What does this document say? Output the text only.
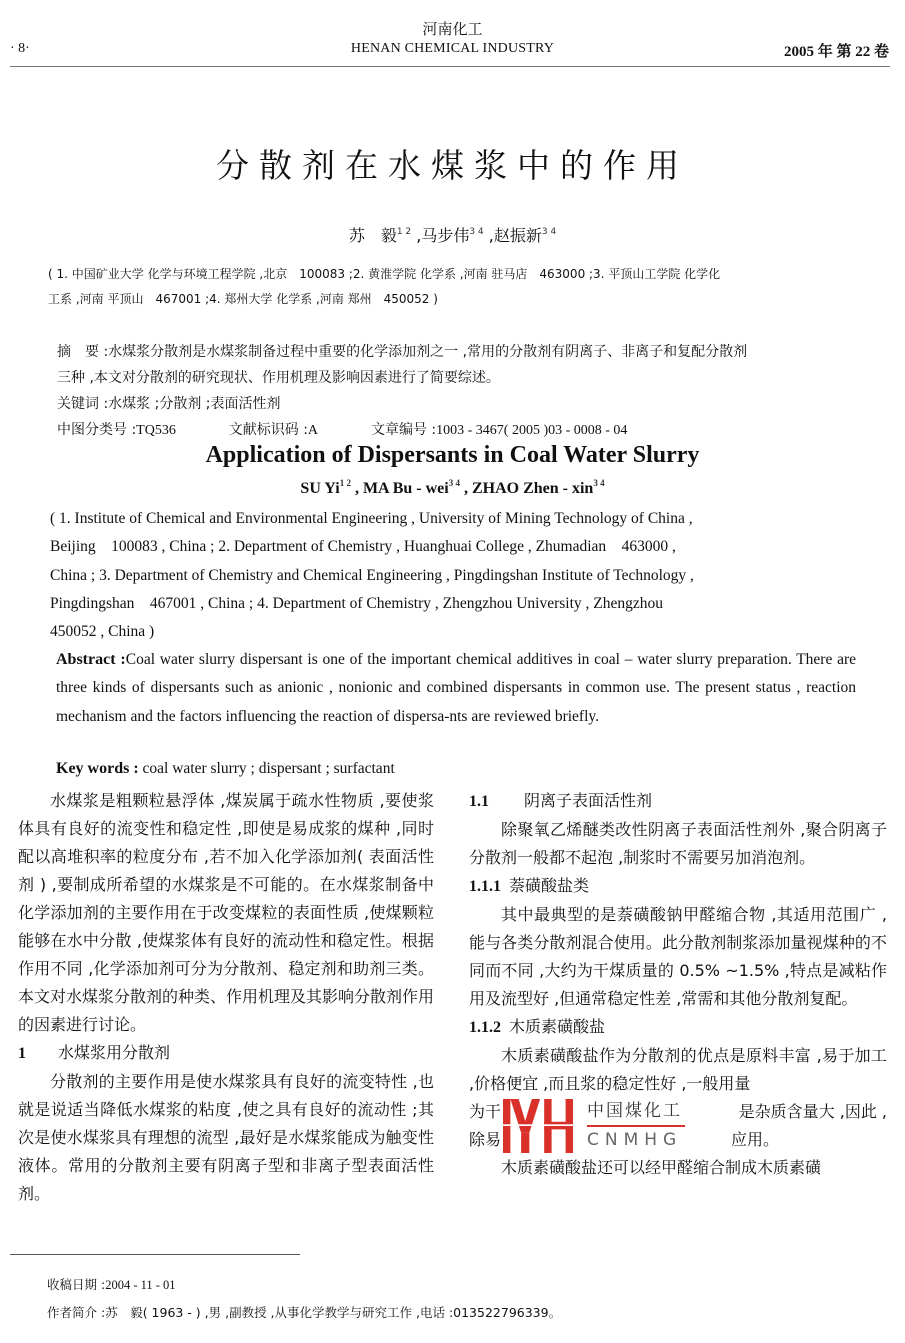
河南化工
· 8·	HENAN CHEMICAL INDUSTRY	2005 年 第 22 卷
分散剂在水煤浆中的作用
苏　毅$^{1 2}$ ,马步伟$^{3 4}$ ,赵振新$^{3 4}$
( 1. 中国矿业大学 化学与环境工程学院 ,北京　100083 ;2. 黄淮学院 化学系 ,河南 驻马店　463000 ;3. 平顶山工学院 化学化
工系 ,河南 平顶山　467001 ;4. 郑州大学 化学系 ,河南 郑州　450052 )
摘　要 :水煤浆分散剂是水煤浆制备过程中重要的化学添加剂之一 ,常用的分散剂有阴离子、非离子和复配分散剂
三种 ,本文对分散剂的研究现状、作用机理及影响因素进行了简要综述。
关键词 :水煤浆 ;分散剂 ;表面活性剂
中图分类号 :TQ536	文献标识码 :A	文章编号 :1003 - 3467( 2005 )03 - 0008 - 04
Application of Dispersants in Coal Water Slurry
SU $Yi^{1 2}$ , MA Bu - wei$^{3 4}$ , ZHAO Zhen - xin$^{3 4}$
( 1. Institute of Chemical and Environmental Engineering , University of Mining Technology of China ,
Beijing　100083 , China ; 2. Department of Chemistry , Huanghuai College , Zhumadian　463000 ,
China ; 3. Department of Chemistry and Chemical Engineering , Pingdingshan Institute of Technology ,
Pingdingshan　467001 , China ; 4. Department of Chemistry , Zhengzhou University , Zhengzhou
450052 , China )
Abstract :Coal water slurry dispersant is one of the important chemical additives in coal – water slurry preparation. There are three kinds of dispersants such as anionic , nonionic and combined dispersants in common use. The present status , reaction mechanism and the factors influencing the reaction of dispersa-nts are reviewed briefly.
Key words : coal water slurry ; dispersant ; surfactant

水煤浆是粗颗粒悬浮体 ,煤炭属于疏水性物质 ,要使浆体具有良好的流变性和稳定性 ,即使是易成浆的煤种 ,同时配以高堆积率的粒度分布 ,若不加入化学添加剂( 表面活性剂 ) ,要制成所希望的水煤浆是不可能的。在水煤浆制备中化学添加剂的主要作用在于改变煤粒的表面性质 ,使煤颗粒能够在水中分散 ,使煤浆体有良好的流动性和稳定性。根据作用不同 ,化学添加剂可分为分散剂、稳定剂和助剂三类。本文对水煤浆分散剂的种类、作用机理及其影响分散剂作用的因素进行讨论。

1 水煤浆用分散剂

分散剂的主要作用是使水煤浆具有良好的流变特性 ,也就是说适当降低水煤浆的粘度 ,使之具有良好的流动性 ;其次是使水煤浆具有理想的流型 ,最好是水煤浆能成为触变性液体。常用的分散剂主要有阴离子型和非离子型表面活性剂。

1.1 阴离子表面活性剂

除聚氧乙烯醚类改性阴离子表面活性剂外 ,聚合阴离子分散剂一般都不起泡 ,制浆时不需要另加消泡剂。

1.1.1 萘磺酸盐类

其中最典型的是萘磺酸钠甲醛缩合物 ,其适用范围广 ,能与各类分散剂混合使用。此分散剂制浆添加量视煤种的不同而不同 ,大约为干煤质量的 0.5% ~1.5% ,特点是减粘作用及流型好 ,但通常稳定性差 ,常需和其他分散剂复配。

1.1.2 木质素磺酸盐

木质素磺酸盐作为分散剂的优点是原料丰富 ,易于加工 ,价格便宜 ,而且浆的稳定性好 ,一般用量

为干	是杂质含量大 ,因此 ,
除易	应用。

木质素磺酸盐还可以经甲醛缩合制成木质素磺

中国煤化工
CNMHG
收稿日期 :2004 - 11 - 01
作者简介 :苏　毅( 1963 - ) ,男 ,副教授 ,从事化学教学与研究工作 ,电话 :013522796339。
